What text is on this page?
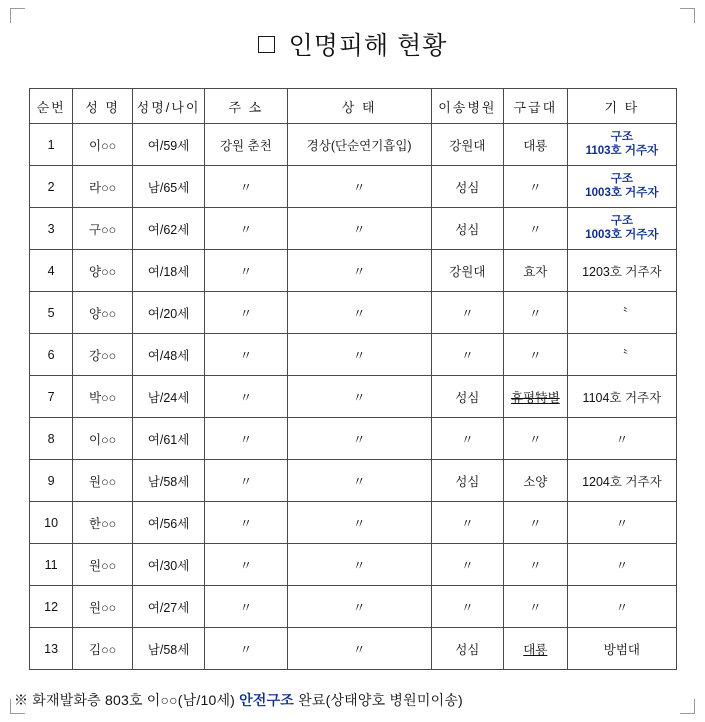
인명피해 현황
순번	성 명	성명/나이	주 소	상 태	이송병원	구급대	기 타
1	이○○	여/59세	강원 춘천	경상(단순연기흡입)	강원대	대룡	구조
1103호 거주자

2	라○○	남/65세	〃	〃	성심	〃	구조
1003호 거주자

3	구○○	여/62세	〃	〃	성심	〃	구조
1003호 거주자

4	양○○	여/18세	〃	〃	강원대	효자	1203호 거주자

5	양○○	여/20세	〃	〃	〃	〃	〝

6	강○○	여/48세	〃	〃	〃	〃	〝

7	박○○	남/24세	〃	〃	성심	휴평特별	1104호 거주자

8	이○○	여/61세	〃	〃	〃	〃	〃

9	원○○	남/58세	〃	〃	성심	소양	1204호 거주자

10	한○○	여/56세	〃	〃	〃	〃	〃

11	원○○	여/30세	〃	〃	〃	〃	〃

12	원○○	여/27세	〃	〃	〃	〃	〃

13	김○○	남/58세	〃	〃	성심	대룡	방범대
※ 화재발화층 803호 이○○(남/10세) 안전구조 완료(상태양호 병원미이송)
